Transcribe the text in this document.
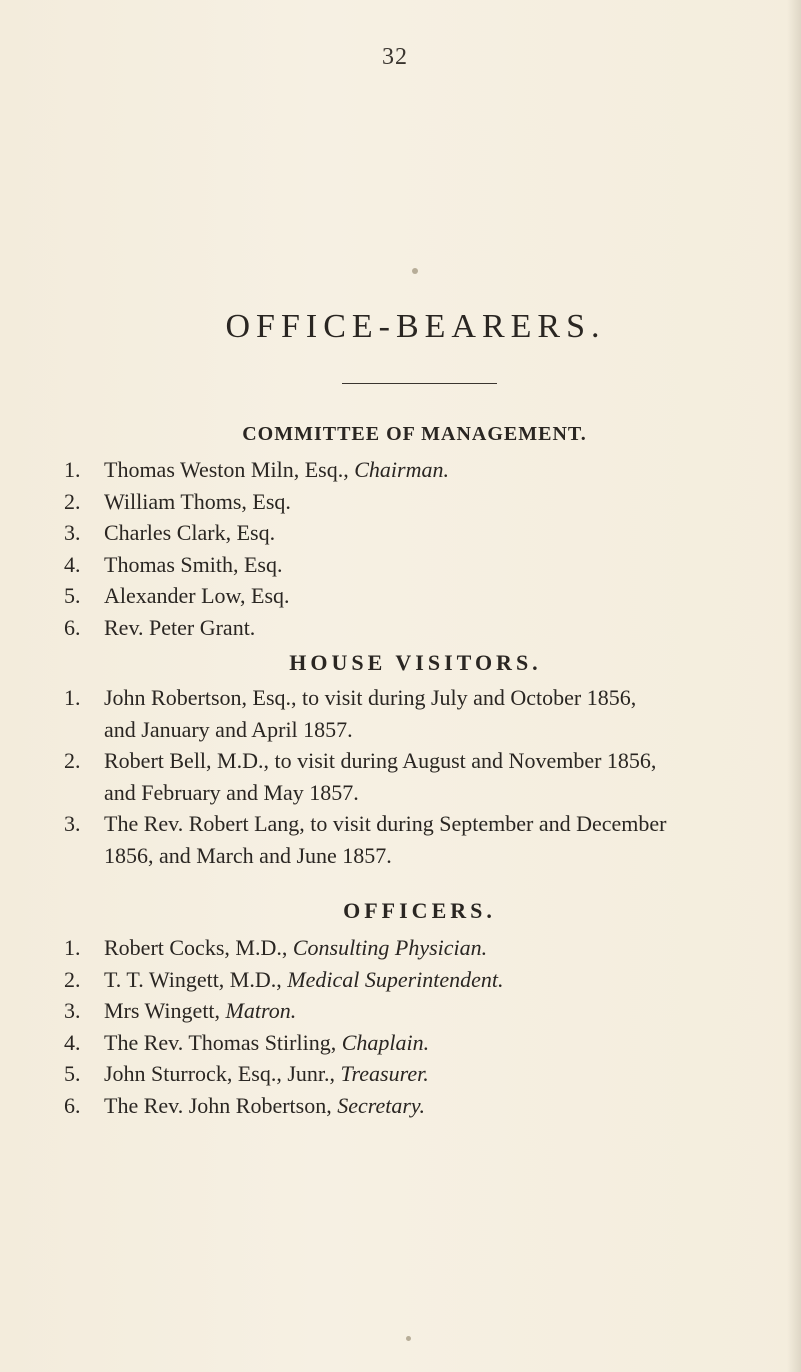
32
OFFICE-BEARERS.
COMMITTEE OF MANAGEMENT.
1. Thomas Weston Miln, Esq., Chairman.
2. William Thoms, Esq.
3. Charles Clark, Esq.
4. Thomas Smith, Esq.
5. Alexander Low, Esq.
6. Rev. Peter Grant.
HOUSE VISITORS.
1. John Robertson, Esq., to visit during July and October 1856,
and January and April 1857.
2. Robert Bell, M.D., to visit during August and November 1856,
and February and May 1857.
3. The Rev. Robert Lang, to visit during September and December
1856, and March and June 1857.
OFFICERS.
1. Robert Cocks, M.D., Consulting Physician.
2. T. T. Wingett, M.D., Medical Superintendent.
3. Mrs Wingett, Matron.
4. The Rev. Thomas Stirling, Chaplain.
5. John Sturrock, Esq., Junr., Treasurer.
6. The Rev. John Robertson, Secretary.
